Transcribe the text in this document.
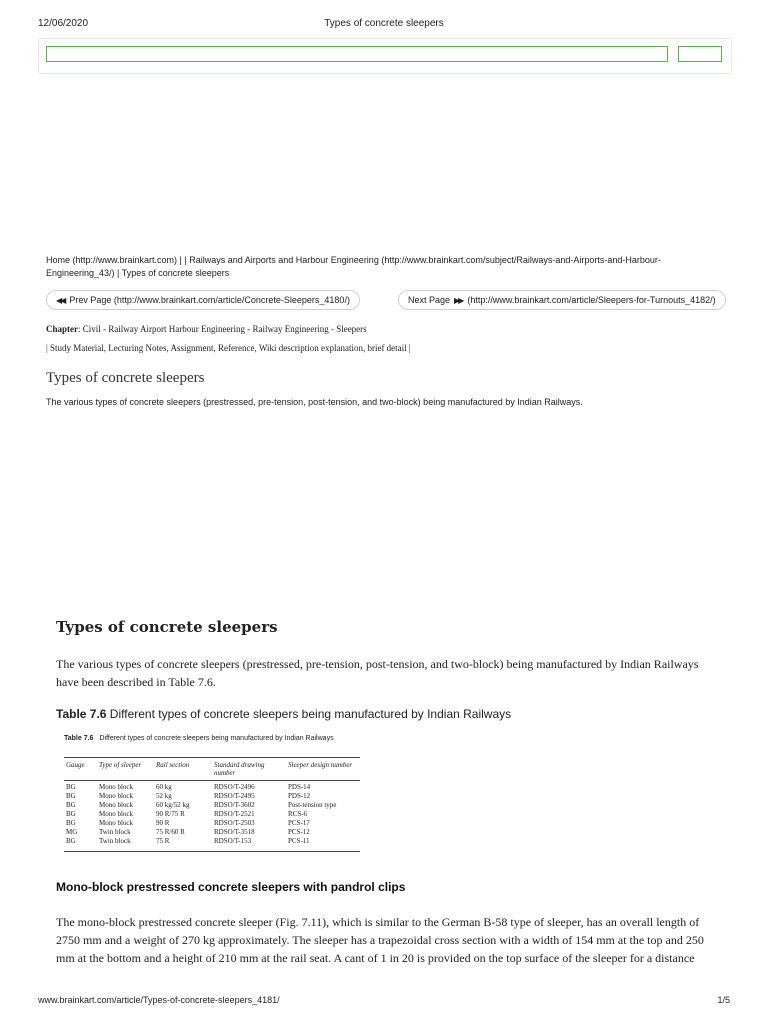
12/06/2020	Types of concrete sleepers
Home (http://www.brainkart.com) | | Railways and Airports and Harbour Engineering (http://www.brainkart.com/subject/Railways-and-Airports-and-Harbour-Engineering_43/) | Types of concrete sleepers
◀◀ Prev Page (http://www.brainkart.com/article/Concrete-Sleepers_4180/)	Next Page ▶▶ (http://www.brainkart.com/article/Sleepers-for-Turnouts_4182/)
Chapter: Civil - Railway Airport Harbour Engineering - Railway Engineering - Sleepers
| Study Material, Lecturing Notes, Assignment, Reference, Wiki description explanation, brief detail |
Types of concrete sleepers
The various types of concrete sleepers (prestressed, pre-tension, post-tension, and two-block) being manufactured by Indian Railways.
Types of concrete sleepers
The various types of concrete sleepers (prestressed, pre-tension, post-tension, and two-block) being manufactured by Indian Railways have been described in Table 7.6.
Table 7.6 Different types of concrete sleepers being manufactured by Indian Railways
Table 7.6 Different types of concrete sleepers being manufactured by Indian Railways
Gauge	Type of sleeper	Rail section	Standard drawing number	Sleeper design number
BG	Mono block	60 kg	RDSO/T-2496	PDS-14
BG	Mono block	52 kg	RDSO/T-2495	PDS-12
BG	Mono block	60 kg/52 kg	RDSO/T-3602	Post-tension type
BG	Mono block	90 R/75 R	RDSO/T-2521	RCS-6
BG	Mono block	90 R	RDSO/T-2503	PCS-17
MG	Twin block	75 R/60 R	RDSO/T-3518	PCS-12
BG	Twin block	75 R	RDSO/T-153	PCS-11
Mono-block prestressed concrete sleepers with pandrol clips
The mono-block prestressed concrete sleeper (Fig. 7.11), which is similar to the German B-58 type of sleeper, has an overall length of 2750 mm and a weight of 270 kg approximately. The sleeper has a trapezoidal cross section with a width of 154 mm at the top and 250 mm at the bottom and a height of 210 mm at the rail seat. A cant of 1 in 20 is provided on the top surface of the sleeper for a distance
www.brainkart.com/article/Types-of-concrete-sleepers_4181/	1/5
